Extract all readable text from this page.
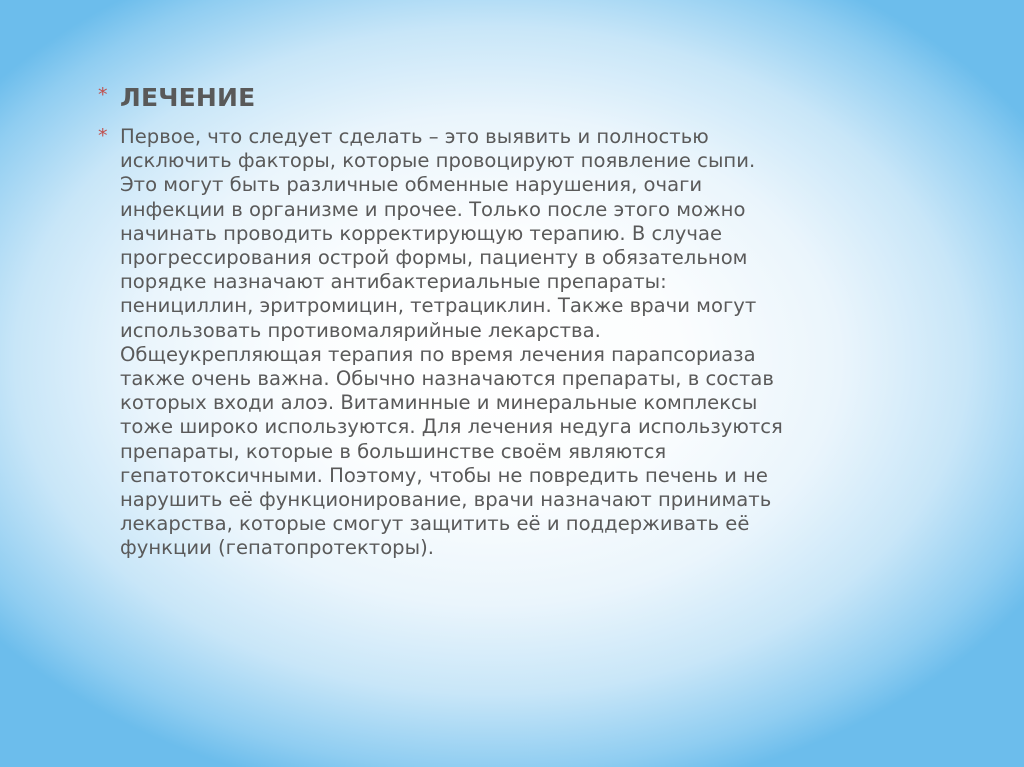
* ЛЕЧЕНИЕ
* Первое, что следует сделать – это выявить и полностью
исключить факторы, которые провоцируют появление сыпи.
Это могут быть различные обменные нарушения, очаги
инфекции в организме и прочее. Только после этого можно
начинать проводить корректирующую терапию. В случае
прогрессирования острой формы, пациенту в обязательном
порядке назначают антибактериальные препараты:
пенициллин, эритромицин, тетрациклин. Также врачи могут
использовать противомалярийные лекарства.
Общеукрепляющая терапия по время лечения парапсориаза
также очень важна. Обычно назначаются препараты, в состав
которых входи алоэ. Витаминные и минеральные комплексы
тоже широко используются. Для лечения недуга используются
препараты, которые в большинстве своём являются
гепатотоксичными. Поэтому, чтобы не повредить печень и не
нарушить её функционирование, врачи назначают принимать
лекарства, которые смогут защитить её и поддерживать её
функции (гепатопротекторы).
